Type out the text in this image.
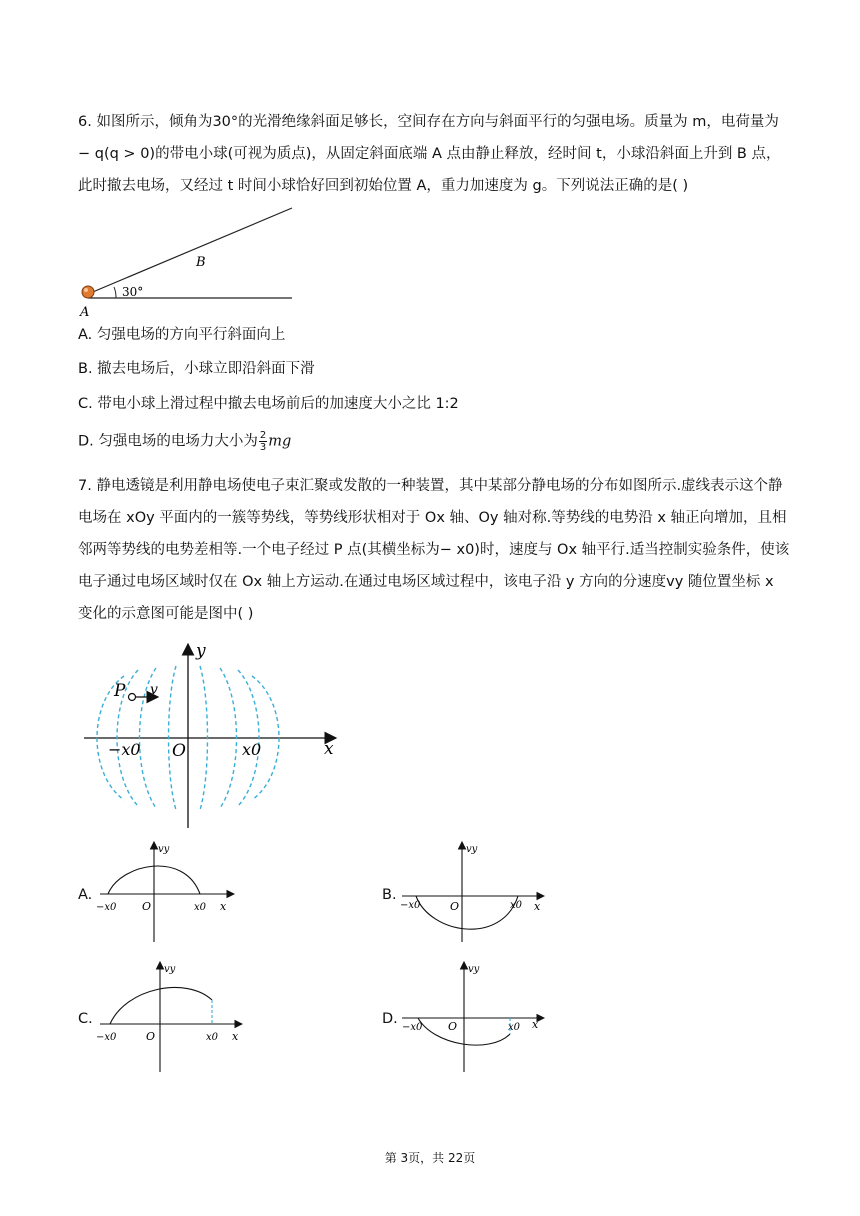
6. 如图所示，倾角为30°的光滑绝缘斜面足够长，空间存在方向与斜面平行的匀强电场。质量为 m，电荷量为− q(q > 0)的带电小球(可视为质点)，从固定斜面底端 A 点由静止释放，经时间 t，小球沿斜面上升到 B 点，此时撤去电场，又经过 t 时间小球恰好回到初始位置 A，重力加速度为 g。下列说法正确的是( )

A
B
30°

A. 匀强电场的方向平行斜面向上

B. 撤去电场后，小球立即沿斜面下滑

C. 带电小球上滑过程中撤去电场前后的加速度大小之比 1:2

D. 匀强电场的电场力大小为 $\frac{2}{3}$ mg

7. 静电透镜是利用静电场使电子束汇聚或发散的一种装置，其中某部分静电场的分布如图所示.虚线表示这个静电场在 xOy 平面内的一簇等势线，等势线形状相对于 Ox 轴、Oy 轴对称.等势线的电势沿 x 轴正向增加，且相邻两等势线的电势差相等.一个电子经过 P 点(其横坐标为− x0)时，速度与 Ox 轴平行.适当控制实验条件，使该电子通过电场区域时仅在 Ox 轴上方运动.在通过电场区域过程中，该电子沿 y 方向的分速度vy 随位置坐标 x 变化的示意图可能是图中( )

P v
y
x
O
−x0	x0
A.
vy
−x0 O	x0 x
B.
vy
−x0	O	x0 x
C.
vy
−x0	O	x0 x
D.
vy
−x0 O	x0 x
第 3页，共 22页
